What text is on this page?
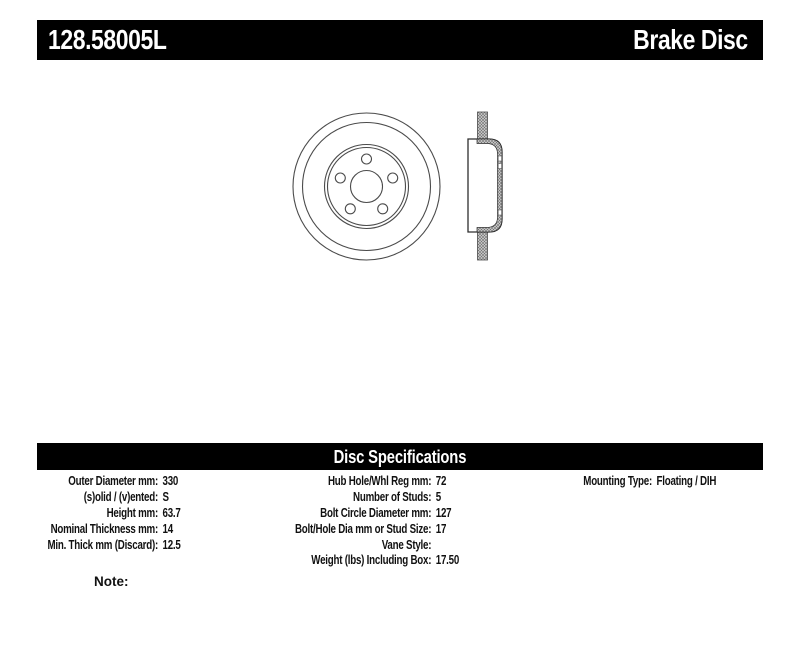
128.58005L	Brake Disc
Disc Specifications
Outer Diameter mm: 330
(s)olid / (v)ented: S
Height mm: 63.7
Nominal Thickness mm: 14
Min. Thick mm (Discard): 12.5
Hub Hole/Whl Reg mm: 72
Number of Studs: 5
Bolt Circle Diameter mm: 127
Bolt/Hole Dia mm or Stud Size: 17
Vane Style:
Weight (lbs) Including Box: 17.50
Mounting Type: Floating / DIH
Note:
